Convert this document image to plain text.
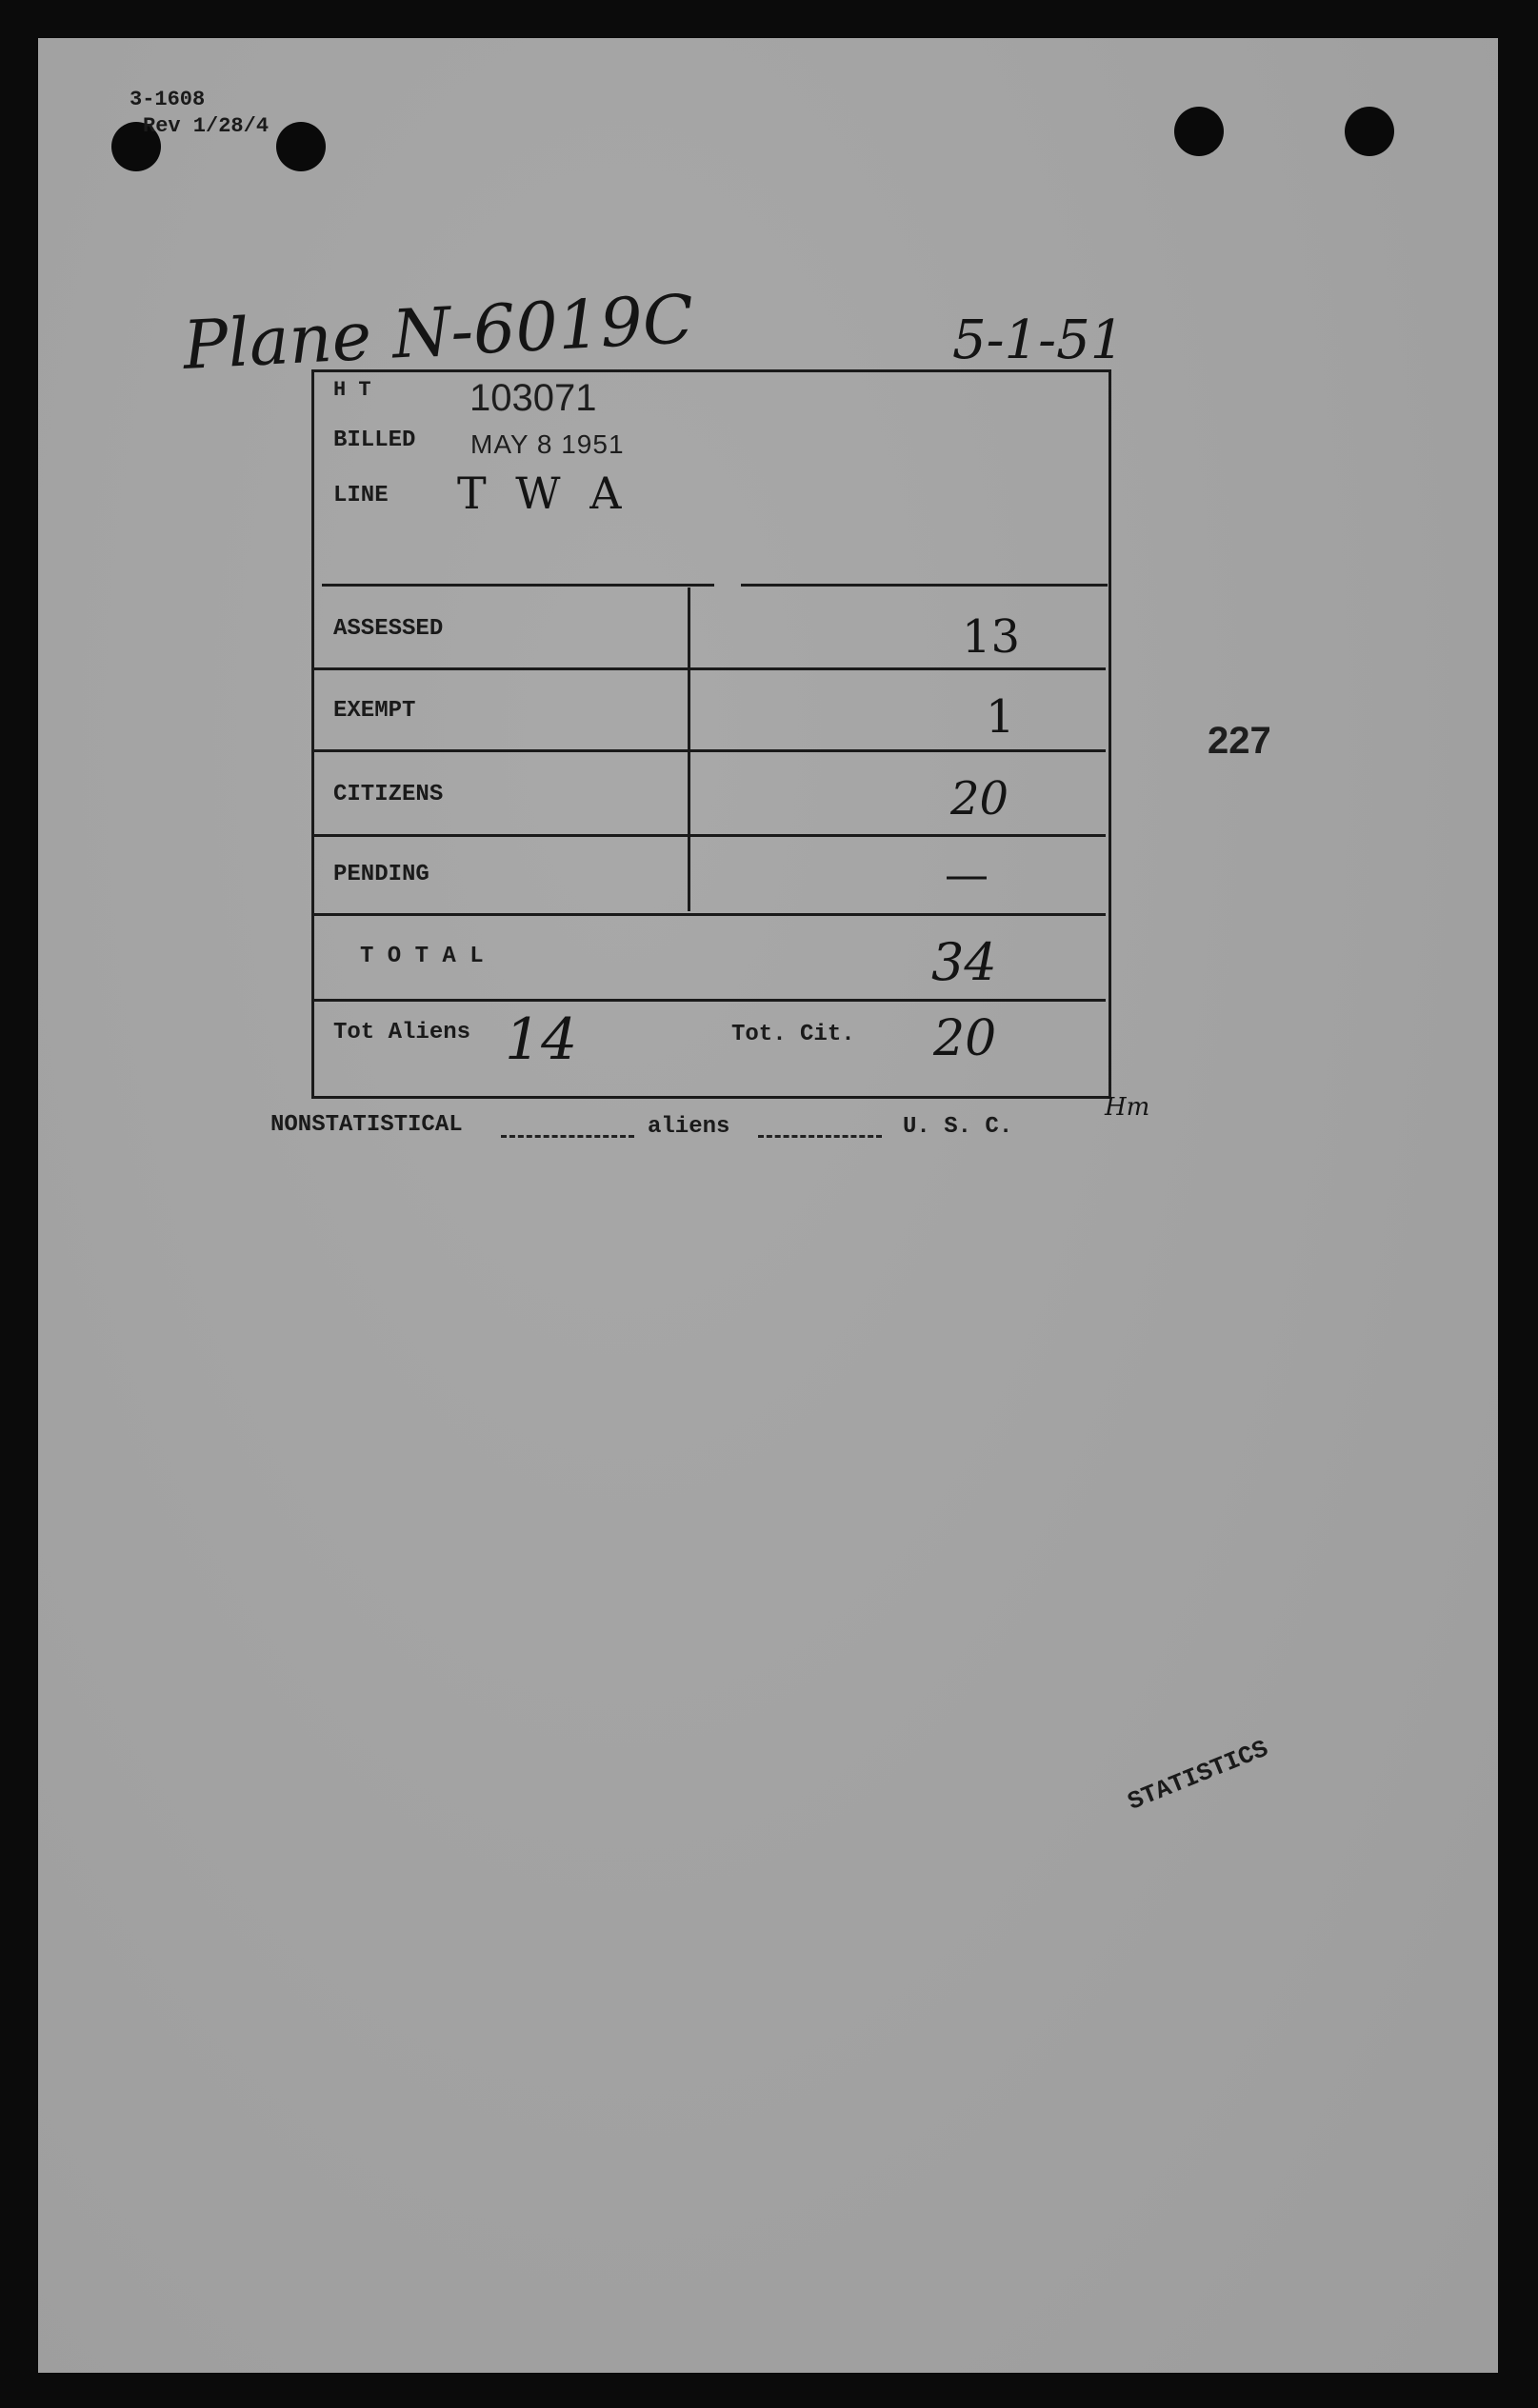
3-1608
Rev 1/28/4
Plane N-6019C	5-1-51
H T	103071
BILLED MAY 8 1951
LINE T W A
ASSESSED	13
EXEMPT	1
CITIZENS	20
PENDING	—
T O T A L	34
Tot Aliens 14	Tot. Cit. 20
Hm
227
NONSTATISTICAL	aliens	U. S. C.
STATISTICS
